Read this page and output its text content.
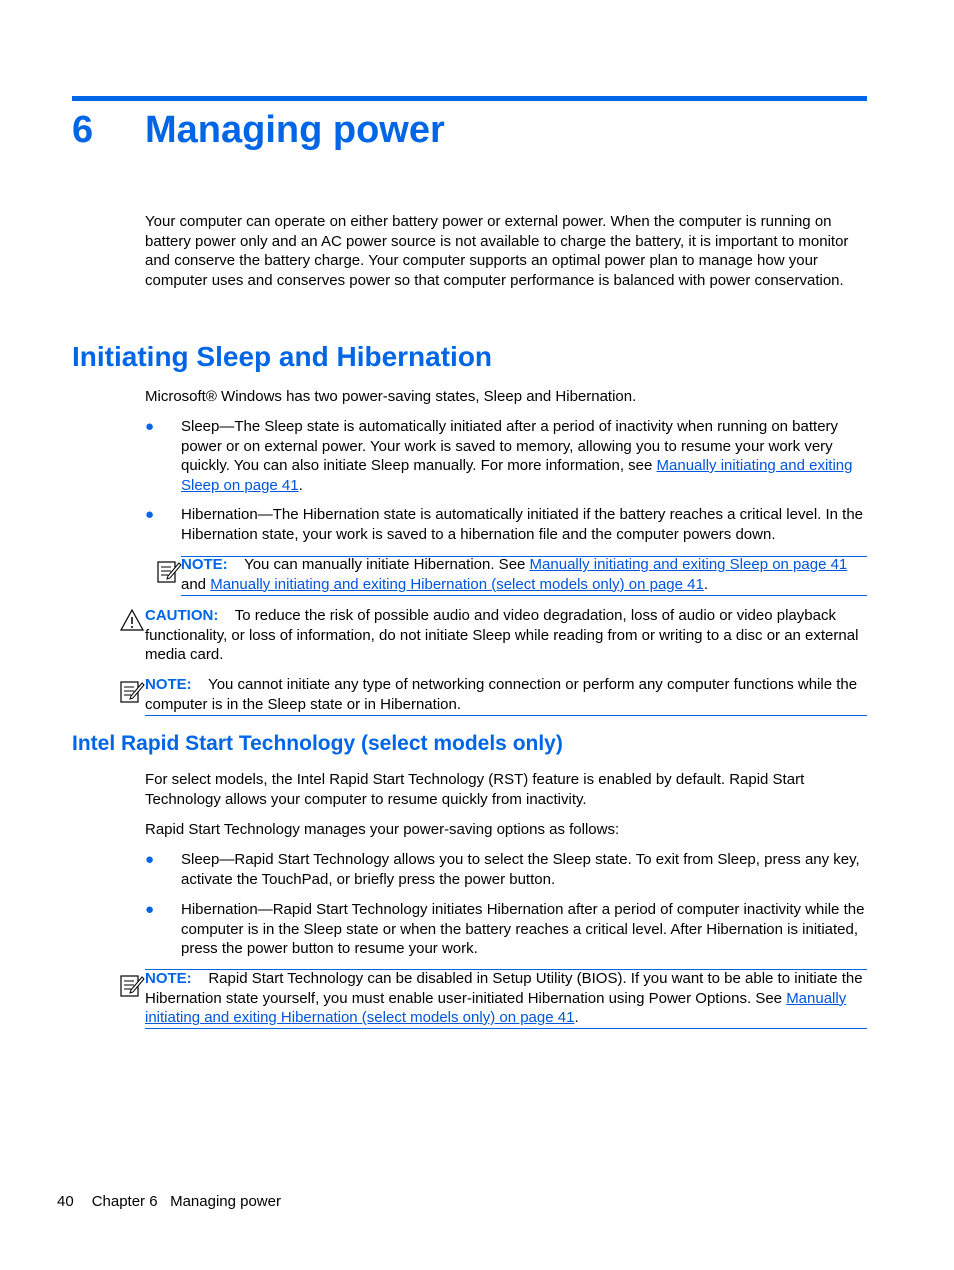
6 Managing power
Your computer can operate on either battery power or external power. When the computer is running on battery power only and an AC power source is not available to charge the battery, it is important to monitor and conserve the battery charge. Your computer supports an optimal power plan to manage how your computer uses and conserves power so that computer performance is balanced with power conservation.
Initiating Sleep and Hibernation
Microsoft® Windows has two power-saving states, Sleep and Hibernation.
● Sleep—The Sleep state is automatically initiated after a period of inactivity when running on battery power or on external power. Your work is saved to memory, allowing you to resume your work very quickly. You can also initiate Sleep manually. For more information, see Manually initiating and exiting Sleep on page 41.
● Hibernation—The Hibernation state is automatically initiated if the battery reaches a critical level. In the Hibernation state, your work is saved to a hibernation file and the computer powers down.
NOTE: You can manually initiate Hibernation. See Manually initiating and exiting Sleep on page 41 and Manually initiating and exiting Hibernation (select models only) on page 41.
CAUTION: To reduce the risk of possible audio and video degradation, loss of audio or video playback functionality, or loss of information, do not initiate Sleep while reading from or writing to a disc or an external media card.
NOTE: You cannot initiate any type of networking connection or perform any computer functions while the computer is in the Sleep state or in Hibernation.
Intel Rapid Start Technology (select models only)
For select models, the Intel Rapid Start Technology (RST) feature is enabled by default. Rapid Start Technology allows your computer to resume quickly from inactivity.
Rapid Start Technology manages your power-saving options as follows:
● Sleep—Rapid Start Technology allows you to select the Sleep state. To exit from Sleep, press any key, activate the TouchPad, or briefly press the power button.
● Hibernation—Rapid Start Technology initiates Hibernation after a period of computer inactivity while the computer is in the Sleep state or when the battery reaches a critical level. After Hibernation is initiated, press the power button to resume your work.
NOTE: Rapid Start Technology can be disabled in Setup Utility (BIOS). If you want to be able to initiate the Hibernation state yourself, you must enable user-initiated Hibernation using Power Options. See Manually initiating and exiting Hibernation (select models only) on page 41.
40 Chapter 6 Managing power
